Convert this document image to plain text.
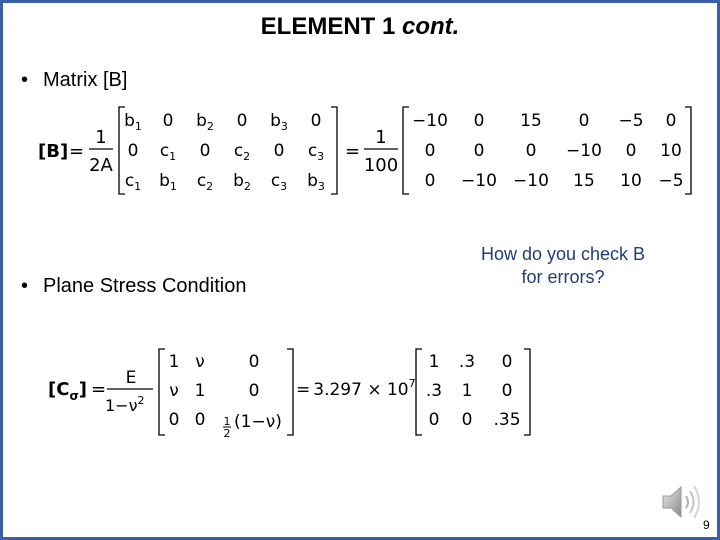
ELEMENT 1 cont.
• Matrix [B]
• Plane Stress Condition
How do you check B
for errors?
[B] =
1
2A
$b_1$ 0 $b_2$ 0 $b_3$ 0
0 $c_1$ 0 $c_2$ 0 $c_3$
$c_1$ $b_1$ $c_2$ $b_2$ $c_3$ $b_3$
=
1
100
−10 0 15 0 −5 0
0 0 0 −10 0 10
0 −10 −10 15 10 −5
$[C_\sigma]$ =
E
$1-\nu^2$
1 ν	0
ν 1	0
0 0 1
2
(1−ν)
= $3.297 \times 10^7$
1 .3 0
.3 1 0
0 0 .35
9
